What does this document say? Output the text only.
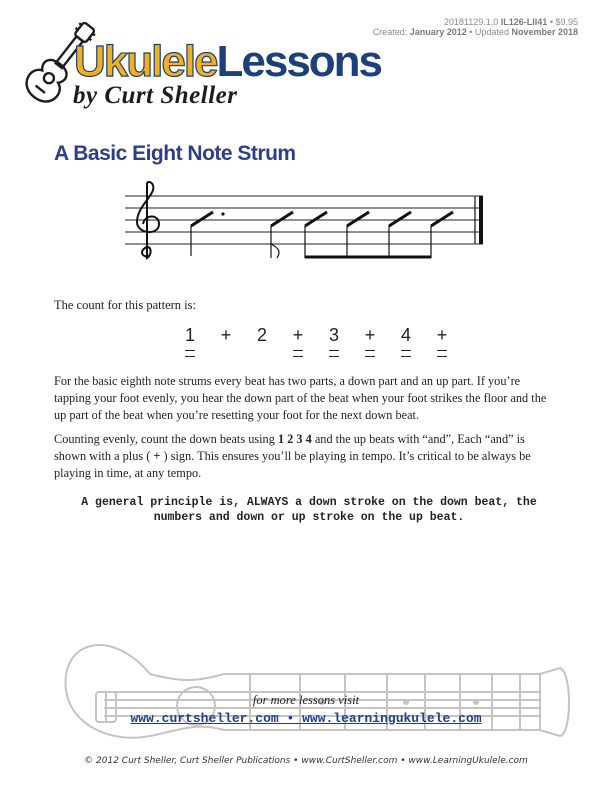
20181129.1.0 IL126-LII41 • $9.95
Created: January 2012 • Updated November 2018
UkuleleLessons
by Curt Sheller
A Basic Eight Note Strum
The count for this pattern is:
1	+	2	+	3	+	4	+

For the basic eighth note strums every beat has two parts, a down part and an up part. If you’re tapping your foot evenly, you hear the down part of the beat when your foot strikes the floor and the up part of the beat when you’re resetting your foot for the next down beat.

Counting evenly, count the down beats using 1 2 3 4 and the up beats with “and”, Each “and” is shown with a plus ( + ) sign. This ensures you’ll be playing in tempo. It’s critical to be always be playing in time, at any tempo.

A general principle is, ALWAYS a down stroke on the down beat, the numbers and down or up stroke on the up beat.

for more lessons visit
www.curtsheller.com • www.learningukulele.com
© 2012 Curt Sheller, Curt Sheller Publications • www.CurtSheller.com • www.LearningUkulele.com
